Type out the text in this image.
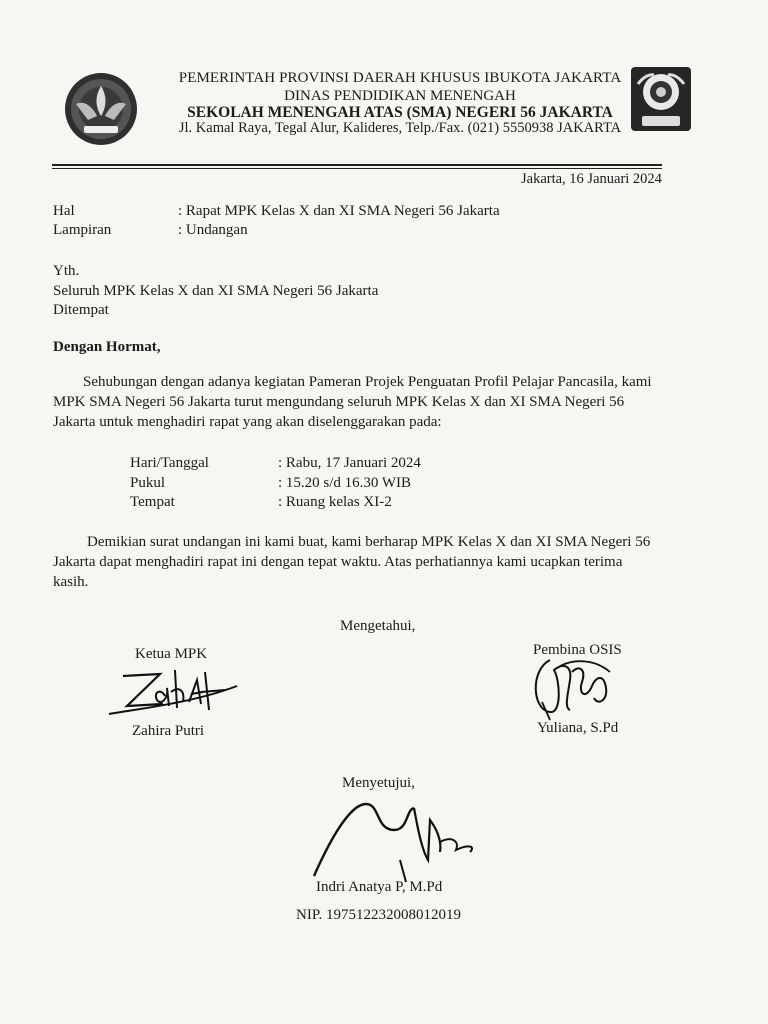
PEMERINTAH PROVINSI DAERAH KHUSUS IBUKOTA JAKARTA
DINAS PENDIDIKAN MENENGAH
SEKOLAH MENENGAH ATAS (SMA) NEGERI 56 JAKARTA
Jl. Kamal Raya, Tegal Alur, Kalideres, Telp./Fax. (021) 5550938 JAKARTA
Jakarta, 16 Januari 2024
Hal	: Rapat MPK Kelas X dan XI SMA Negeri 56 Jakarta
Lampiran	: Undangan
Yth.
Seluruh MPK Kelas X dan XI SMA Negeri 56 Jakarta
Ditempat
Dengan Hormat,
Sehubungan dengan adanya kegiatan Pameran Projek Penguatan Profil Pelajar Pancasila, kami
MPK SMA Negeri 56 Jakarta turut mengundang seluruh MPK Kelas X dan XI SMA Negeri 56
Jakarta untuk menghadiri rapat yang akan diselenggarakan pada:
Hari/Tanggal	: Rabu, 17 Januari 2024
Pukul	: 15.20 s/d 16.30 WIB
Tempat	: Ruang kelas XI-2
Demikian surat undangan ini kami buat, kami berharap MPK Kelas X dan XI SMA Negeri 56
Jakarta dapat menghadiri rapat ini dengan tepat waktu. Atas perhatiannya kami ucapkan terima
kasih.
Mengetahui,
Ketua MPK
Zahira Putri
Pembina OSIS
Yuliana, S.Pd
Menyetujui,
Indri Anatya P, M.Pd
NIP. 197512232008012019
